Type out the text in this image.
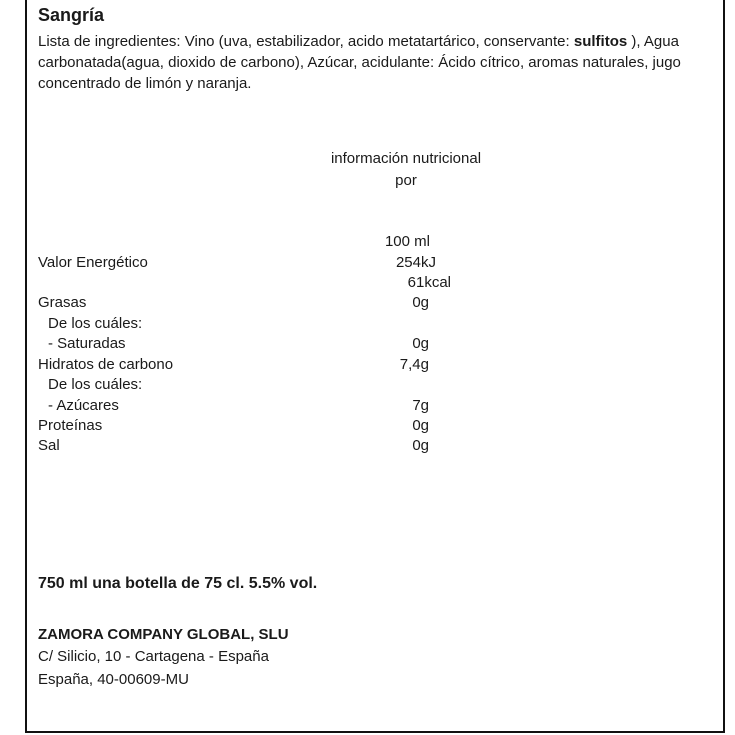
Sangría
Lista de ingredientes: Vino (uva, estabilizador, acido metatartárico, conservante: sulfitos ), Agua carbonatada(agua, dioxido de carbono), Azúcar, acidulante: Ácido cítrico, aromas naturales, jugo concentrado de limón y naranja.
información nutricional
por
100 ml
Valor Energético	254kJ
61kcal
Grasas	0g
De los cuáles:
- Saturadas	0g
Hidratos de carbono	7,4g
De los cuáles:
- Azúcares	7g
Proteínas	0g
Sal	0g
750 ml una botella de 75 cl. 5.5% vol.
ZAMORA COMPANY GLOBAL, SLU
C/ Silicio, 10 - Cartagena - España
España, 40-00609-MU
